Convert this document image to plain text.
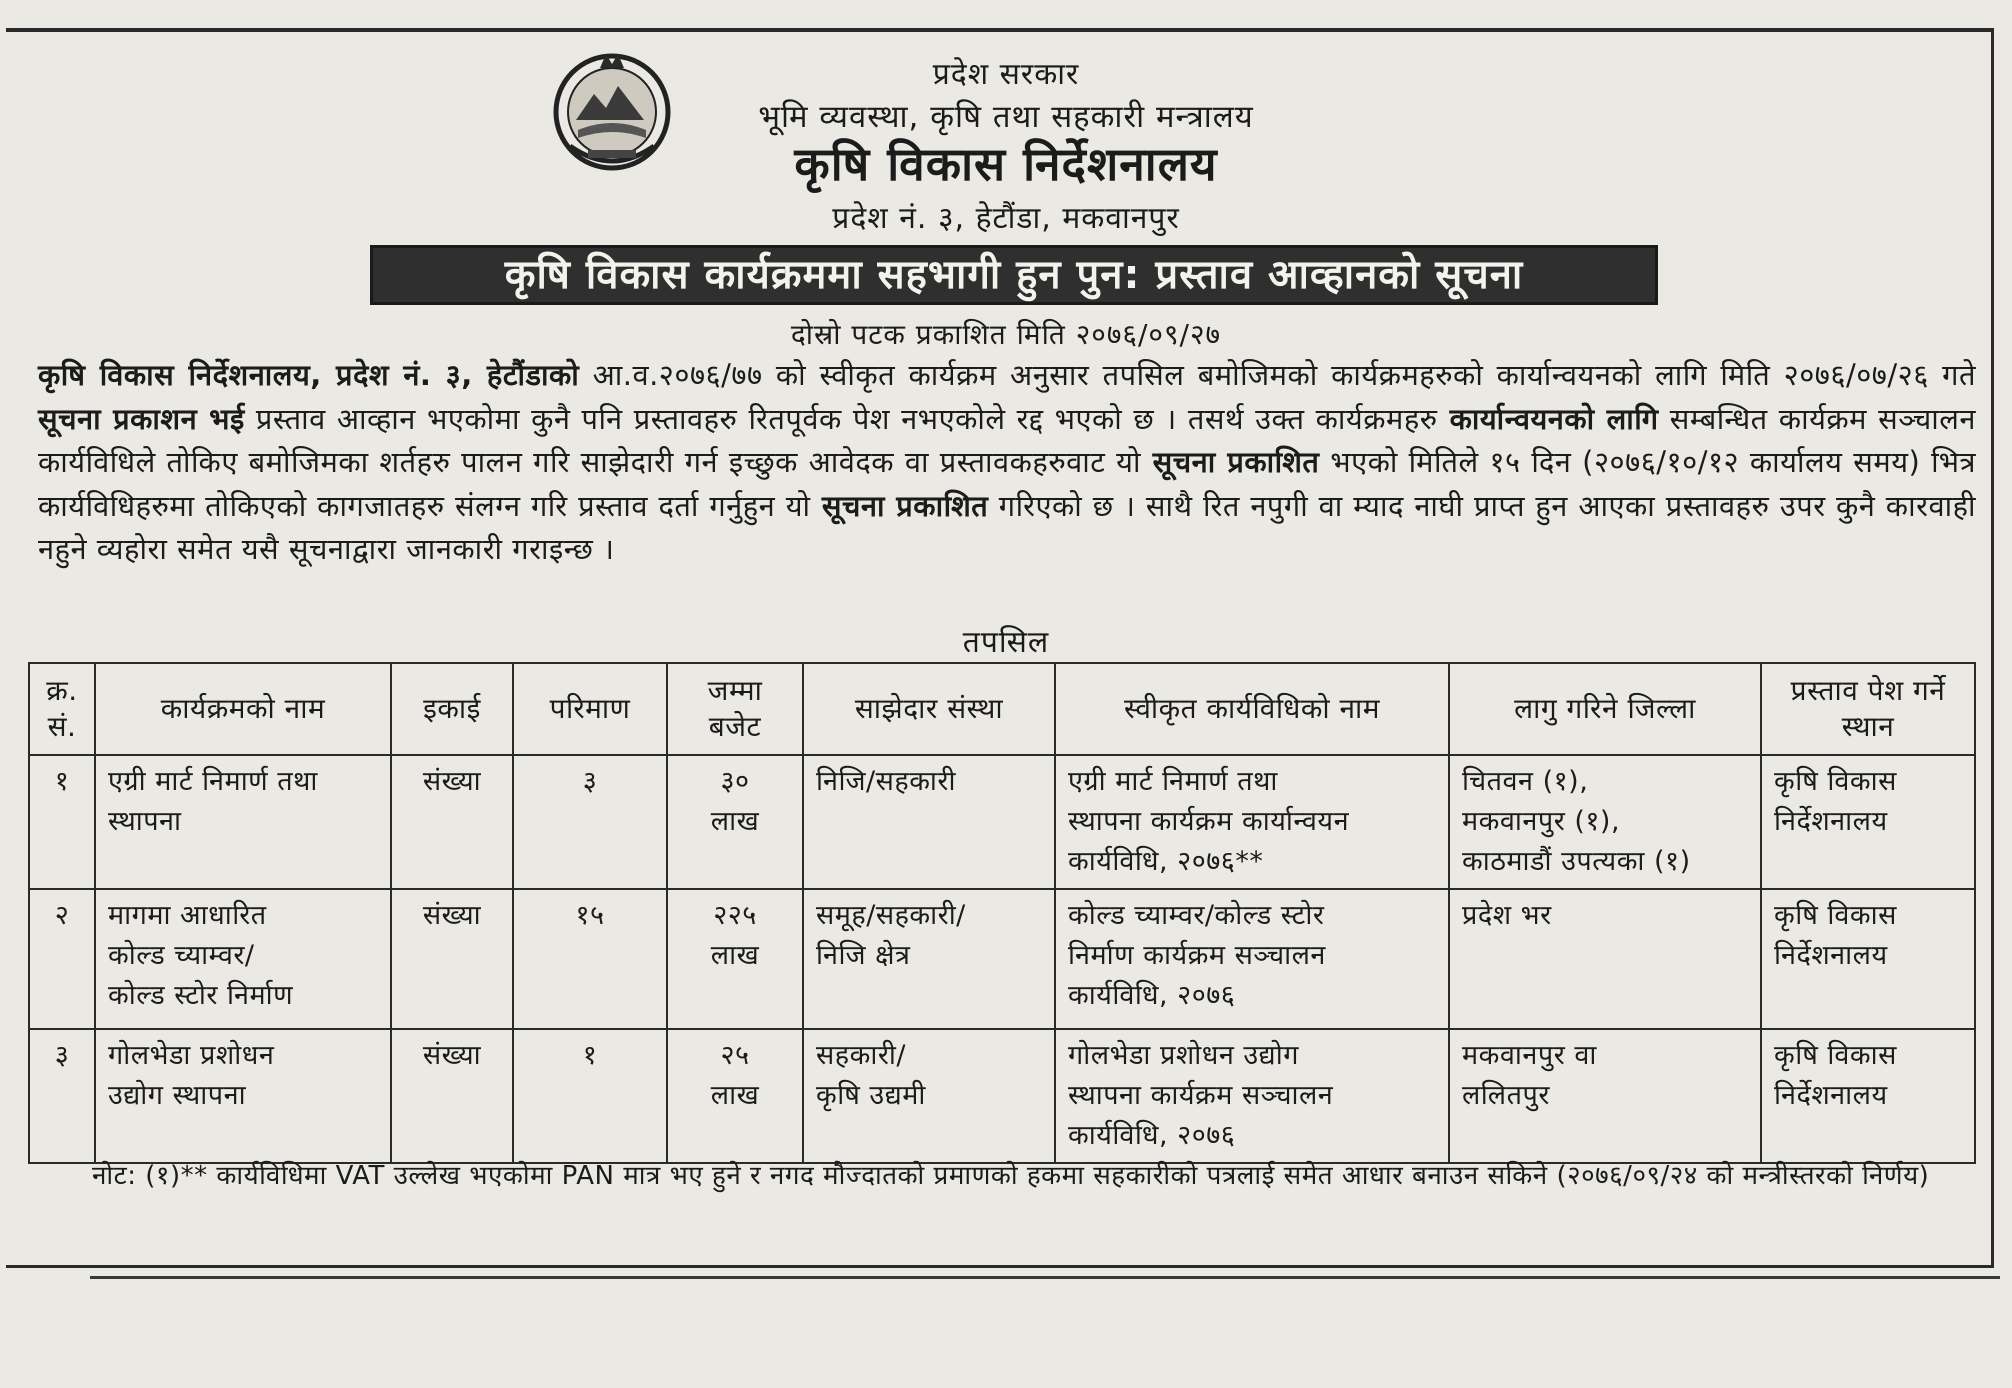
प्रदेश सरकार
भूमि व्यवस्था, कृषि तथा सहकारी मन्त्रालय
कृषि विकास निर्देशनालय
प्रदेश नं. ३, हेटौंडा, मकवानपुर
कृषि विकास कार्यक्रममा सहभागी हुन पुन: प्रस्ताव आव्हानको सूचना
दोस्रो पटक प्रकाशित मिति २०७६/०९/२७
कृषि विकास निर्देशनालय, प्रदेश नं. ३, हेटौंडाको आ.व.२०७६/७७ को स्वीकृत कार्यक्रम अनुसार तपसिल बमोजिमको कार्यक्रमहरुको कार्यान्वयनको लागि मिति २०७६/०७/२६ गते सूचना प्रकाशन भई प्रस्ताव आव्हान भएकोमा कुनै पनि प्रस्तावहरु रितपूर्वक पेश नभएकोले रद्द भएको छ । तसर्थ उक्त कार्यक्रमहरु कार्यान्वयनको लागि सम्बन्धित कार्यक्रम सञ्चालन कार्यविधिले तोकिए बमोजिमका शर्तहरु पालन गरि साझेदारी गर्न इच्छुक आवेदक वा प्रस्तावकहरुवाट यो सूचना प्रकाशित भएको मितिले १५ दिन (२०७६/१०/१२ कार्यालय समय) भित्र कार्यविधिहरुमा तोकिएको कागजातहरु संलग्न गरि प्रस्ताव दर्ता गर्नुहुन यो सूचना प्रकाशित गरिएको छ । साथै रित नपुगी वा म्याद नाघी प्राप्त हुन आएका प्रस्तावहरु उपर कुनै कारवाही नहुने व्यहोरा समेत यसै सूचनाद्वारा जानकारी गराइन्छ ।
तपसिल
क्र. सं.	कार्यक्रमको नाम	इकाई	परिमाण	जम्मा बजेट	साझेदार संस्था	स्वीकृत कार्यविधिको नाम	लागु गरिने जिल्ला	प्रस्ताव पेश गर्ने स्थान
१	एग्री मार्ट निमार्ण तथा
स्थापना	संख्या	३	३०
लाख	निजि/सहकारी	एग्री मार्ट निमार्ण तथा
स्थापना कार्यक्रम कार्यान्वयन
कार्यविधि, २०७६**	चितवन (१),
मकवानपुर (१),
काठमाडौं उपत्यका (१)	कृषि विकास
निर्देशनालय
२	मागमा आधारित
कोल्ड च्याम्वर/
कोल्ड स्टोर निर्माण	संख्या	१५	२२५
लाख	समूह/सहकारी/
निजि क्षेत्र	कोल्ड च्याम्वर/कोल्ड स्टोर
निर्माण कार्यक्रम सञ्चालन
कार्यविधि, २०७६	प्रदेश भर	कृषि विकास
निर्देशनालय
३	गोलभेडा प्रशोधन
उद्योग स्थापना	संख्या	१	२५
लाख	सहकारी/
कृषि उद्यमी	गोलभेडा प्रशोधन उद्योग
स्थापना कार्यक्रम सञ्चालन
कार्यविधि, २०७६	मकवानपुर वा
ललितपुर	कृषि विकास
निर्देशनालय
नोट: (१)** कार्यविधिमा VAT उल्लेख भएकोमा PAN मात्र भए हुने र नगद मौज्दातको प्रमाणको हकमा सहकारीको पत्रलाई समेत आधार बनाउन सकिने (२०७६/०९/२४ को मन्त्रीस्तरको निर्णय)
